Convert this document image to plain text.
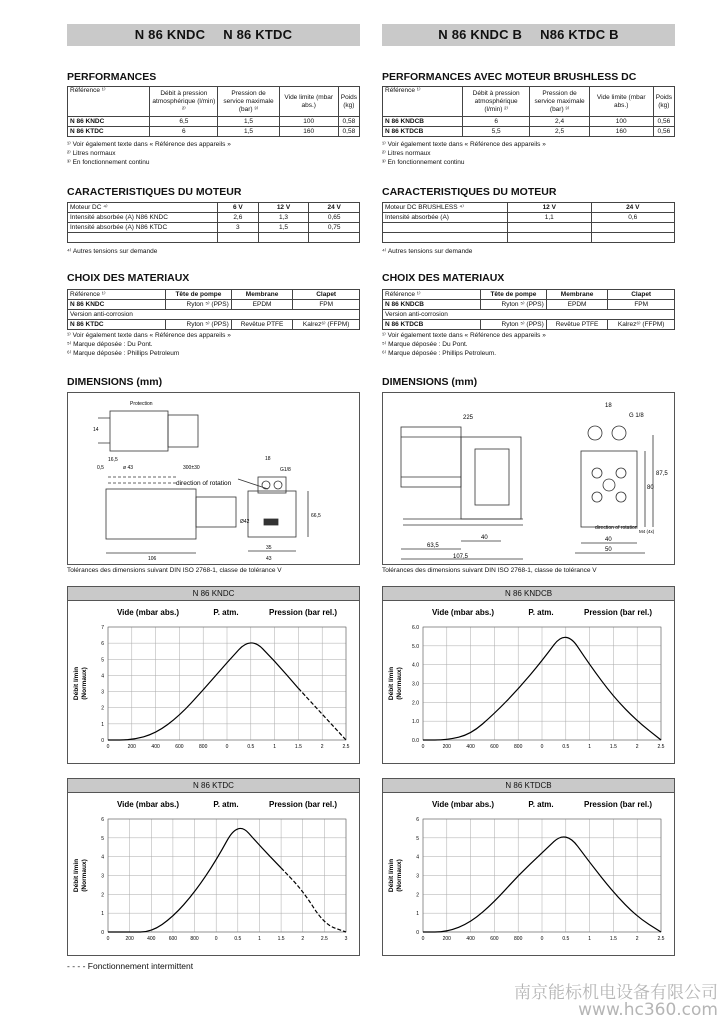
N 86 KNDC N 86 KTDC
PERFORMANCES
Référence ¹⁾	Débit à pression atmosphérique (l/min) ²⁾	Pression de service maximale (bar) ³⁾	Vide limite (mbar abs.)	Poids (kg)
N 86 KNDC	6,5	1,5	100	0,58
N 86 KTDC	6	1,5	160	0,58
¹⁾ Voir également texte dans « Référence des appareils »
²⁾ Litres normaux
³⁾ En fonctionnement continu
CARACTERISTIQUES DU MOTEUR
Moteur DC ⁴⁾	6 V	12 V	24 V
Intensité absorbée (A) N86 KNDC	2,6	1,3	0,65
Intensité absorbée (A) N86 KTDC	3	1,5	0,75

⁴⁾ Autres tensions sur demande
CHOIX DES MATERIAUX
Référence ¹⁾	Tête de pompe	Membrane	Clapet
N 86 KNDC	Ryton ⁵⁾ (PPS)	EPDM	FPM
Version anti-corrosion			
N 86 KTDC	Ryton ⁵⁾ (PPS)	Revêtue PTFE	Kalrez⁶⁾ (FFPM)
¹⁾ Voir également texte dans « Référence des appareils »
⁵⁾ Marque déposée : Du Pont.
⁶⁾ Marque déposée : Phillips Petroleum
DIMENSIONS (mm)
Protection
direction of rotation
106
ø 43
16,5
0,5	300±30
18
G1/8
43
35
Ø42
66,5
14
Tolérances des dimensions suivant DIN ISO 2768-1, classe de tolérance V
N 86 KNDC
Vide (mbar abs.)	P. atm.	Pression (bar rel.)
Débit l/min (Normaux)
0	200	400	600	800	0	0.5	1	1.5	2	2.5
0
1
2
3
4
5
6
7
N 86 KTDC
Vide (mbar abs.)	P. atm.	Pression (bar rel.)
Débit l/min (Normaux)
0	200	400	600	800	0	0.5	1	1.5	2	2.5	3
0
1
2
3
4
5
6
- - - - Fonctionnement intermittent
N 86 KNDC B N86 KTDC B
PERFORMANCES AVEC MOTEUR BRUSHLESS DC
Référence ¹⁾	Débit à pression atmosphérique (l/min) ²⁾	Pression de service maximale (bar) ³⁾	Vide limite (mbar abs.)	Poids (kg)
N 86 KNDCB	6	2,4	100	0,56
N 86 KTDCB	5,5	2,5	160	0,56
¹⁾ Voir également texte dans « Référence des appareils »
²⁾ Litres normaux
³⁾ En fonctionnement continu
CARACTERISTIQUES DU MOTEUR
Moteur DC BRUSHLESS ⁴⁾	12 V	24 V
Intensité absorbée (A)	1,1	0,6

⁴⁾ Autres tensions sur demande
CHOIX DES MATERIAUX
Référence ¹⁾	Tête de pompe	Membrane	Clapet
N 86 KNDCB	Ryton ⁵⁾ (PPS)	EPDM	FPM
Version anti-corrosion			
N 86 KTDCB	Ryton ⁵⁾ (PPS)	Revêtue PTFE	Kalrez⁶⁾ (FFPM)
¹⁾ Voir également texte dans « Référence des appareils »
⁵⁾ Marque déposée : Du Pont.
⁶⁾ Marque déposée : Phillips Petroleum.
DIMENSIONS (mm)
225
18
G 1/8
80
87,5
63,5
40
107,5
40
50
direction of rotation
M4 (4x)
Tolérances des dimensions suivant DIN ISO 2768-1, classe de tolérance V
N 86 KNDCB
Vide (mbar abs.)	P. atm.	Pression (bar rel.)
Débit l/min (Normaux)
0	200	400	600	800	0	0.5	1	1.5	2	2.5
0.0
1.0
2.0
3.0
4.0
5.0
6.0
N 86 KTDCB
Vide (mbar abs.)	P. atm.	Pression (bar rel.)
Débit l/min (Normaux)
0	200	400	600	800	0	0.5	1	1.5	2	2.5
0
1
2
3
4
5
6
南京能标机电设备有限公司
www.hc360.com
